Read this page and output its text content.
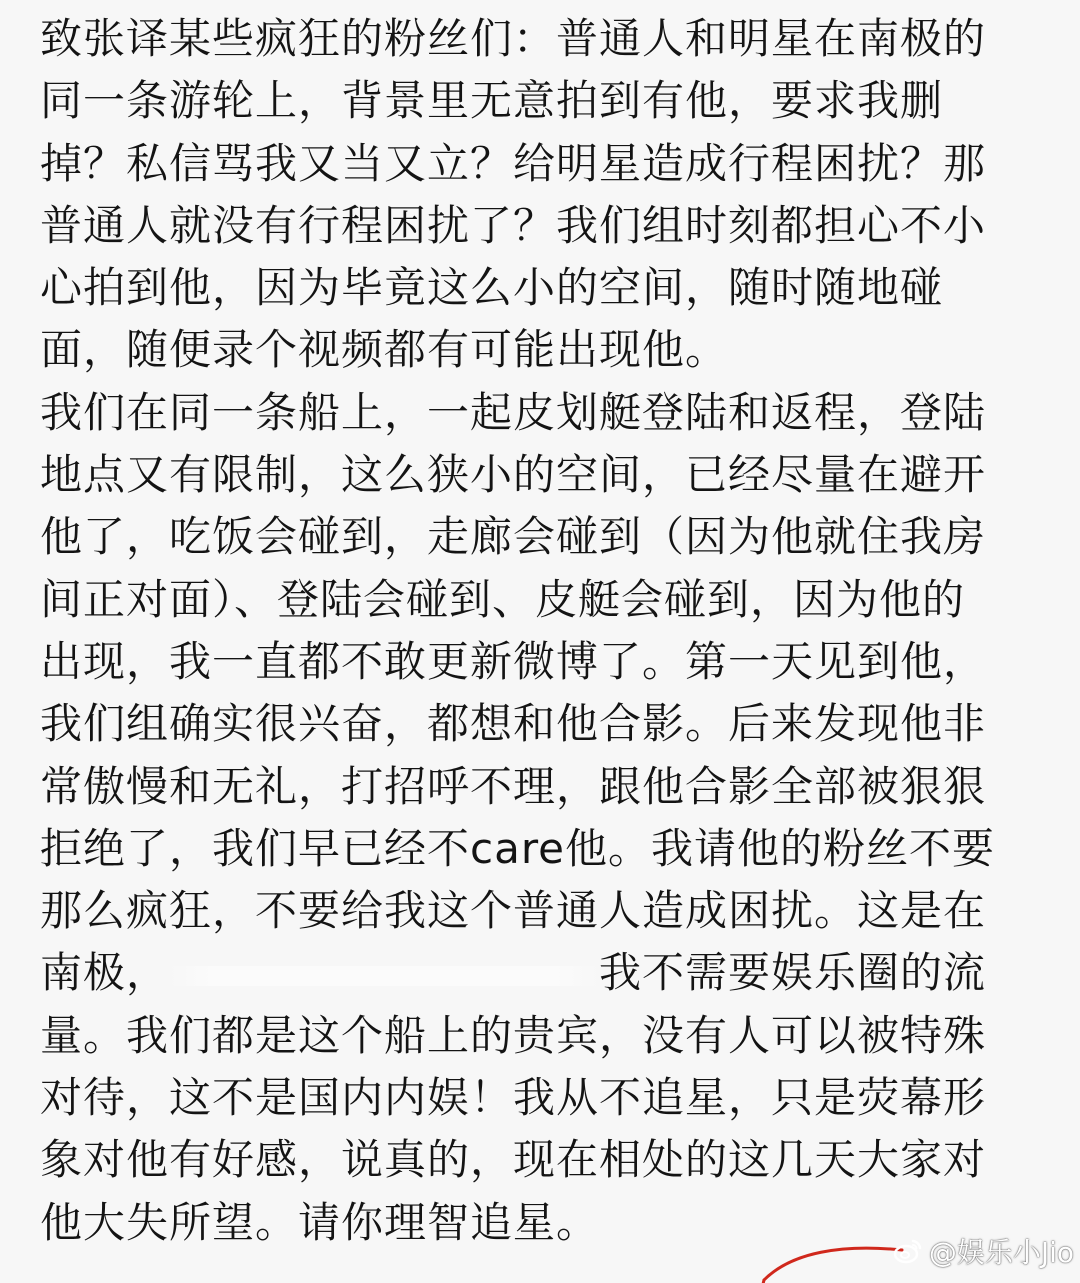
致张译某些疯狂的粉丝们：普通人和明星在南极的
同一条游轮上，背景里无意拍到有他，要求我删
掉？私信骂我又当又立？给明星造成行程困扰？那
普通人就没有行程困扰了？我们组时刻都担心不小
心拍到他，因为毕竟这么小的空间，随时随地碰
面，随便录个视频都有可能出现他。
我们在同一条船上，一起皮划艇登陆和返程，登陆
地点又有限制，这么狭小的空间，已经尽量在避开
他了，吃饭会碰到，走廊会碰到（因为他就住我房
间正对面）、登陆会碰到、皮艇会碰到，因为他的
出现，我一直都不敢更新微博了。第一天见到他，
我们组确实很兴奋，都想和他合影。后来发现他非
常傲慢和无礼，打招呼不理，跟他合影全部被狠狠
拒绝了，我们早已经不care他。我请他的粉丝不要
那么疯狂，不要给我这个普通人造成困扰。这是在
南极，	我不需要娱乐圈的流
量。我们都是这个船上的贵宾，没有人可以被特殊
对待，这不是国内内娱！我从不追星，只是荧幕形
象对他有好感，说真的，现在相处的这几天大家对
他大失所望。请你理智追星。
@娱乐小Jio
